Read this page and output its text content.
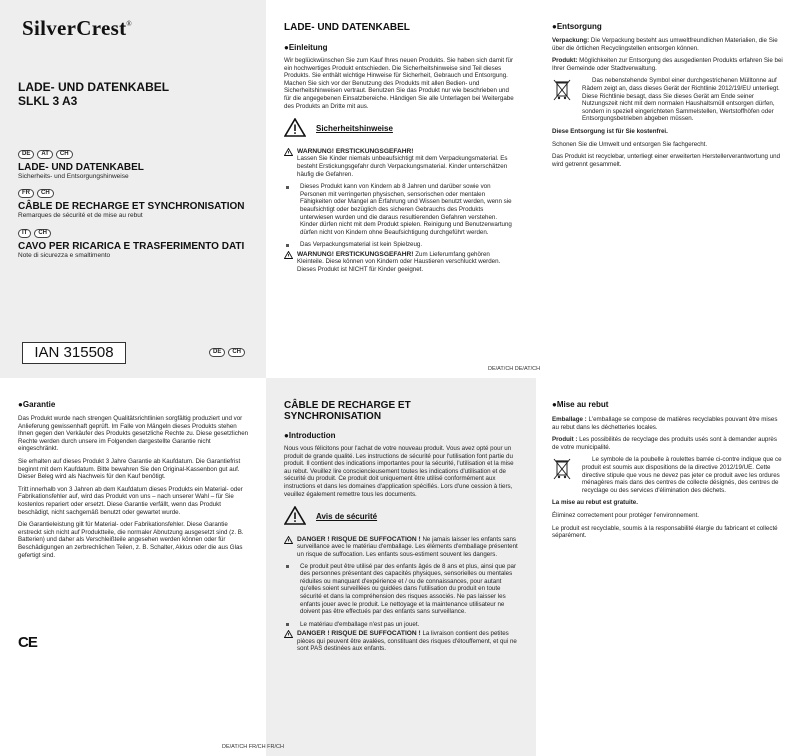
SilverCrest®
LADE- UND DATENKABEL
SLKL 3 A3
DE	AT	CH
LADE- UND DATENKABEL
Sicherheits- und Entsorgungshinweise
FR	CH
CÂBLE DE RECHARGE ET SYNCHRONISATION
Remarques de sécurité et de mise au rebut
IT	CH
CAVO PER RICARICA E TRASFERIMENTO DATI
Note di sicurezza e smaltimento
IAN 315508	DE	CH
LADE- UND DATENKABEL
●Einleitung

Wir beglückwünschen Sie zum Kauf Ihres neuen Produkts. Sie haben sich damit für ein hochwertiges Produkt entschieden. Die Sicherheitshinweise sind Teil dieses Produkts. Sie enthält wichtige Hinweise für Sicherheit, Gebrauch und Entsorgung. Machen Sie sich vor der Benutzung des Produkts mit allen Bedien- und Sicherheitshinweisen vertraut. Benutzen Sie das Produkt nur wie beschrieben und für die angegebenen Einsatzbereiche. Händigen Sie alle Unterlagen bei Weitergabe des Produkts an Dritte mit aus.

Sicherheitshinweise
WARNUNG! ERSTICKUNGSGEFAHR!

Lassen Sie Kinder niemals unbeaufsichtigt mit dem Verpackungsmaterial. Es besteht Erstickungsgefahr durch Verpackungsmaterial. Kinder unterschätzen häufig die Gefahren.

Dieses Produkt kann von Kindern ab 8 Jahren und darüber sowie von Personen mit verringerten physischen, sensorischen oder mentalen Fähigkeiten oder Mangel an Erfahrung und Wissen benutzt werden, wenn sie beaufsichtigt oder bezüglich des sicheren Gebrauchs des Produkts unterwiesen wurden und die daraus resultierenden Gefahren verstehen. Kinder dürfen nicht mit dem Produkt spielen. Reinigung und Benutzerwartung dürfen nicht von Kindern ohne Beaufsichtigung durchgeführt werden.

Das Verpackungsmaterial ist kein Spielzeug.

WARNUNG! ERSTICKUNGSGEFAHR! Zum Lieferumfang gehören Kleinteile. Diese können von Kindern oder Haustieren verschluckt werden. Dieses Produkt ist NICHT für Kinder geeignet.
●Entsorgung

Verpackung: Die Verpackung besteht aus umweltfreundlichen Materialien, die Sie über die örtlichen Recyclingstellen entsorgen können.

Produkt: Möglichkeiten zur Entsorgung des ausgedienten Produkts erfahren Sie bei Ihrer Gemeinde oder Stadtverwaltung.

Das nebenstehende Symbol einer durchgestrichenen Mülltonne auf Rädern zeigt an, dass dieses Gerät der Richtlinie 2012/19/EU unterliegt. Diese Richtlinie besagt, dass Sie dieses Gerät am Ende seiner Nutzungszeit nicht mit dem normalen Haushaltsmüll entsorgen dürfen, sondern in speziell eingerichteten Sammelstellen, Wertstoffhöfen oder Entsorgungsbetrieben abgeben müssen.

Diese Entsorgung ist für Sie kostenfrei.

Schonen Sie die Umwelt und entsorgen Sie fachgerecht.

Das Produkt ist recyclebar, unterliegt einer erweiterten Herstellerverantwortung und wird getrennt gesammelt.

DE/AT/CH DE/AT/CH
●Garantie

Das Produkt wurde nach strengen Qualitätsrichtlinien sorgfältig produziert und vor Anlieferung gewissenhaft geprüft. Im Falle von Mängeln dieses Produkts stehen Ihnen gegen den Verkäufer des Produkts gesetzliche Rechte zu. Diese gesetzlichen Rechte werden durch unsere im Folgenden dargestellte Garantie nicht eingeschränkt.

Sie erhalten auf dieses Produkt 3 Jahre Garantie ab Kaufdatum. Die Garantiefrist beginnt mit dem Kaufdatum. Bitte bewahren Sie den Original-Kassenbon gut auf. Dieser Beleg wird als Nachweis für den Kauf benötigt.

Tritt innerhalb von 3 Jahren ab dem Kaufdatum dieses Produkts ein Material- oder Fabrikationsfehler auf, wird das Produkt von uns – nach unserer Wahl – für Sie kostenlos repariert oder ersetzt. Diese Garantie verfällt, wenn das Produkt beschädigt, nicht sachgemäß benutzt oder gewartet wurde.

Die Garantieleistung gilt für Material- oder Fabrikationsfehler. Diese Garantie erstreckt sich nicht auf Produktteile, die normaler Abnutzung ausgesetzt sind (z. B. Batterien) und daher als Verschleißteile angesehen werden können oder für Beschädigungen an zerbrechlichen Teilen, z. B. Schalter, Akkus oder die aus Glas gefertigt sind.

CE
CÂBLE DE RECHARGE ET SYNCHRONISATION
●Introduction

Nous vous félicitons pour l'achat de votre nouveau produit. Vous avez opté pour un produit de grande qualité. Les instructions de sécurité pour l'utilisation font partie du produit. Il contient des indications importantes pour la sécurité, l'utilisation et la mise au rebut. Veuillez lire consciencieusement toutes les indications d'utilisation et de sécurité du produit. Ce produit doit uniquement être utilisé conformément aux instructions et dans les domaines d'application spécifiés. Lors d'une cession à tiers, veuillez également remettre tous les documents.

Avis de sécurité
DANGER ! RISQUE DE SUFFOCATION ! Ne jamais laisser les enfants sans surveillance avec le matériau d'emballage. Les éléments d'emballage présentent un risque de suffocation. Les enfants sous-estiment souvent les dangers.

Ce produit peut être utilisé par des enfants âgés de 8 ans et plus, ainsi que par des personnes présentant des capacités physiques, sensorielles ou mentales réduites ou manquant d'expérience et / ou de connaissances, pour autant qu'elles soient surveillées ou guidées dans l'utilisation du produit en toute sécurité et dans la compréhension des risques associés. Ne pas laisser les enfants jouer avec le produit. Le nettoyage et la maintenance utilisateur ne doivent pas être effectués par des enfants sans surveillance.

Le matériau d'emballage n'est pas un jouet.

DANGER ! RISQUE DE SUFFOCATION ! La livraison contient des petites pièces qui peuvent être avalées, constituant des risques d'étouffement, et qui ne sont PAS destinées aux enfants.
●Mise au rebut

Emballage : L'emballage se compose de matières recyclables pouvant être mises au rebut dans les déchetteries locales.

Produit : Les possibilités de recyclage des produits usés sont à demander auprès de votre municipalité.

Le symbole de la poubelle à roulettes barrée ci-contre indique que ce produit est soumis aux dispositions de la directive 2012/19/UE. Cette directive stipule que vous ne devez pas jeter ce produit avec les ordures ménagères mais dans des centres de collecte désignés, des centres de recyclage ou des services d'élimination des déchets.

La mise au rebut est gratuite.

Éliminez correctement pour protéger l'environnement.

Le produit est recyclable, soumis à la responsabilité élargie du fabricant et collecté séparément.

DE/AT/CH FR/CH FR/CH
